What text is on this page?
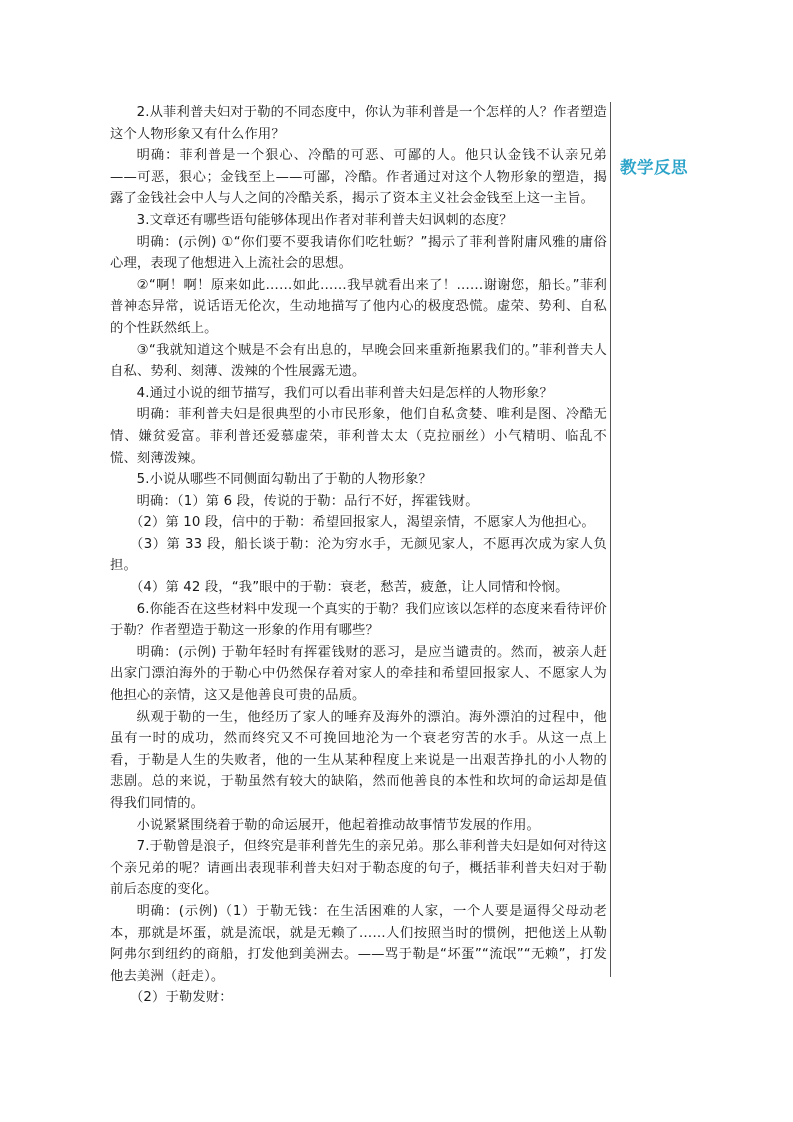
教学反思

2.从菲利普夫妇对于勒的不同态度中，你认为菲利普是一个怎样的人？作者塑造这个人物形象又有什么作用？

明确：菲利普是一个狠心、冷酷的可恶、可鄙的人。他只认金钱不认亲兄弟——可恶，狠心；金钱至上——可鄙，冷酷。作者通过对这个人物形象的塑造，揭露了金钱社会中人与人之间的冷酷关系，揭示了资本主义社会金钱至上这一主旨。

3.文章还有哪些语句能够体现出作者对菲利普夫妇讽刺的态度？

明确：(示例) ①“你们要不要我请你们吃牡蛎？”揭示了菲利普附庸风雅的庸俗心理，表现了他想进入上流社会的思想。

②“啊！啊！原来如此……如此……我早就看出来了！……谢谢您，船长。”菲利普神态异常，说话语无伦次，生动地描写了他内心的极度恐慌。虚荣、势利、自私的个性跃然纸上。

③“我就知道这个贼是不会有出息的，早晚会回来重新拖累我们的。”菲利普夫人自私、势利、刻薄、泼辣的个性展露无遗。

4.通过小说的细节描写，我们可以看出菲利普夫妇是怎样的人物形象？

明确：菲利普夫妇是很典型的小市民形象，他们自私贪婪、唯利是图、冷酷无情、嫌贫爱富。菲利普还爱慕虚荣，菲利普太太（克拉丽丝）小气精明、临乱不慌、刻薄泼辣。

5.小说从哪些不同侧面勾勒出了于勒的人物形象？

明确：（1）第 6 段，传说的于勒：品行不好，挥霍钱财。

（2）第 10 段，信中的于勒：希望回报家人，渴望亲情，不愿家人为他担心。

（3）第 33 段，船长谈于勒：沦为穷水手，无颜见家人，不愿再次成为家人负担。

（4）第 42 段，“我”眼中的于勒：衰老，愁苦，疲惫，让人同情和怜悯。

6.你能否在这些材料中发现一个真实的于勒？我们应该以怎样的态度来看待评价于勒？作者塑造于勒这一形象的作用有哪些？

明确：(示例) 于勒年轻时有挥霍钱财的恶习，是应当谴责的。然而，被亲人赶出家门漂泊海外的于勒心中仍然保存着对家人的牵挂和希望回报家人、不愿家人为他担心的亲情，这又是他善良可贵的品质。

纵观于勒的一生，他经历了家人的唾弃及海外的漂泊。海外漂泊的过程中，他虽有一时的成功，然而终究又不可挽回地沦为一个衰老穷苦的水手。从这一点上看，于勒是人生的失败者，他的一生从某种程度上来说是一出艰苦挣扎的小人物的悲剧。总的来说，于勒虽然有较大的缺陷，然而他善良的本性和坎坷的命运却是值得我们同情的。

小说紧紧围绕着于勒的命运展开，他起着推动故事情节发展的作用。

7.于勒曾是浪子，但终究是菲利普先生的亲兄弟。那么菲利普夫妇是如何对待这个亲兄弟的呢？请画出表现菲利普夫妇对于勒态度的句子，概括菲利普夫妇对于勒前后态度的变化。

明确：(示例)（1）于勒无钱：在生活困难的人家，一个人要是逼得父母动老本，那就是坏蛋，就是流氓，就是无赖了……人们按照当时的惯例，把他送上从勒阿弗尔到纽约的商船，打发他到美洲去。——骂于勒是“坏蛋”“流氓”“无赖”，打发他去美洲（赶走）。

（2）于勒发财：
